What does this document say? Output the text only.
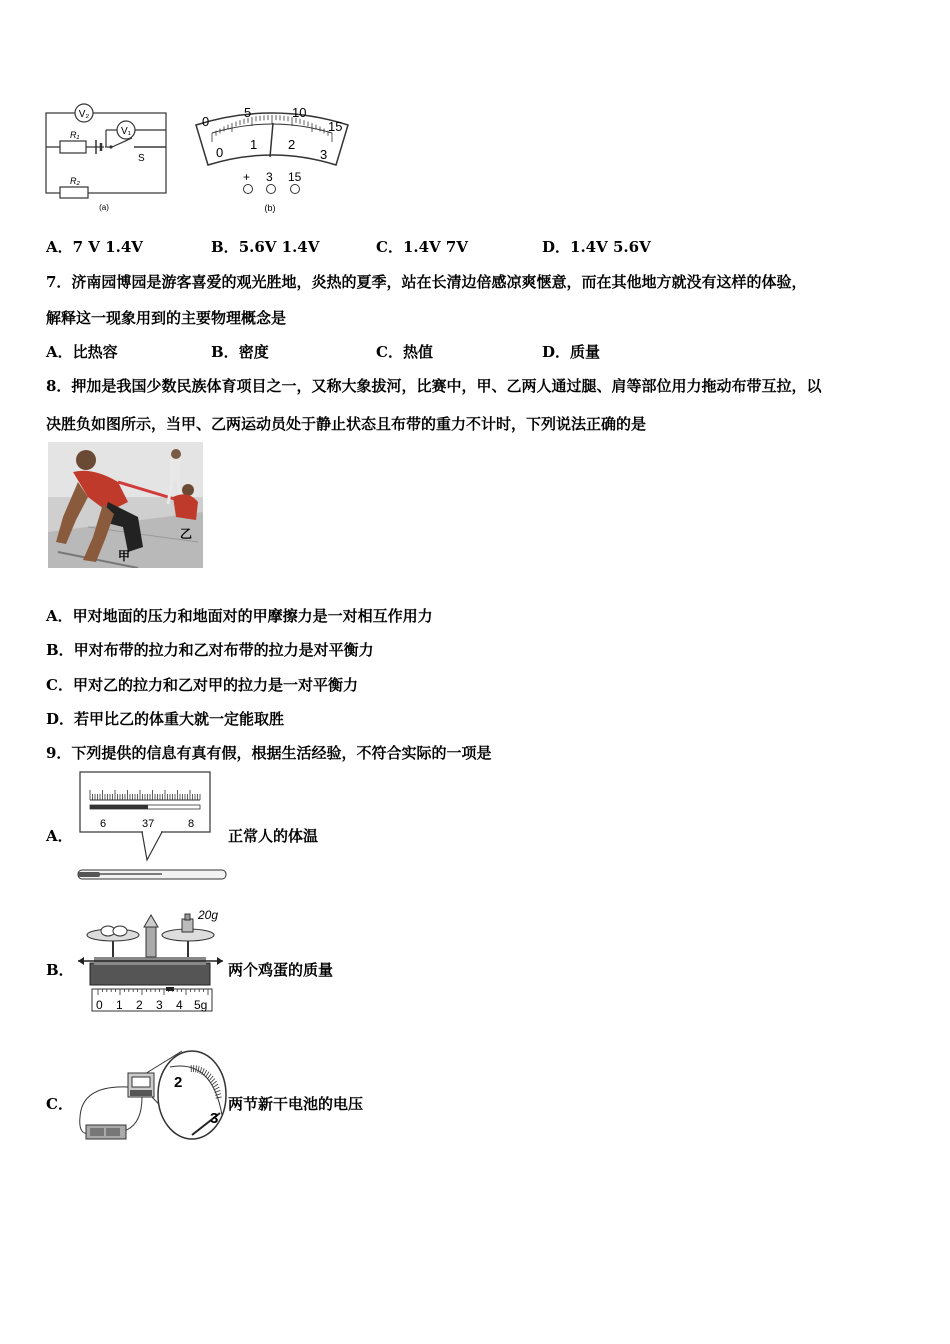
V₂
V₁
R₁
R₂
S
(a)
0
5	10
15
0
1 2
3
+ 3 15
(b)
A．7 V 1.4V	B．5.6V 1.4V	C．1.4V 7V	D．1.4V 5.6V
7．济南园博园是游客喜爱的观光胜地，炎热的夏季，站在长清边倍感凉爽惬意，而在其他地方就没有这样的体验，
解释这一现象用到的主要物理概念是
A．比热容	B．密度	C．热值	D．质量
8．押加是我国少数民族体育项目之一，又称大象拔河，比赛中，甲、乙两人通过腿、肩等部位用力拖动布带互拉，以
决胜负如图所示，当甲、乙两运动员处于静止状态且布带的重力不计时，下列说法正确的是
甲
乙
A．甲对地面的压力和地面对的甲摩擦力是一对相互作用力
B．甲对布带的拉力和乙对布带的拉力是对平衡力
C．甲对乙的拉力和乙对甲的拉力是一对平衡力
D．若甲比乙的体重大就一定能取胜
9．下列提供的信息有真有假，根据生活经验，不符合实际的一项是
A．
6	37	8
正常人的体温
B．
20g
0 1 2 3 4 5g
两个鸡蛋的质量
C．
2
3
两节新干电池的电压
